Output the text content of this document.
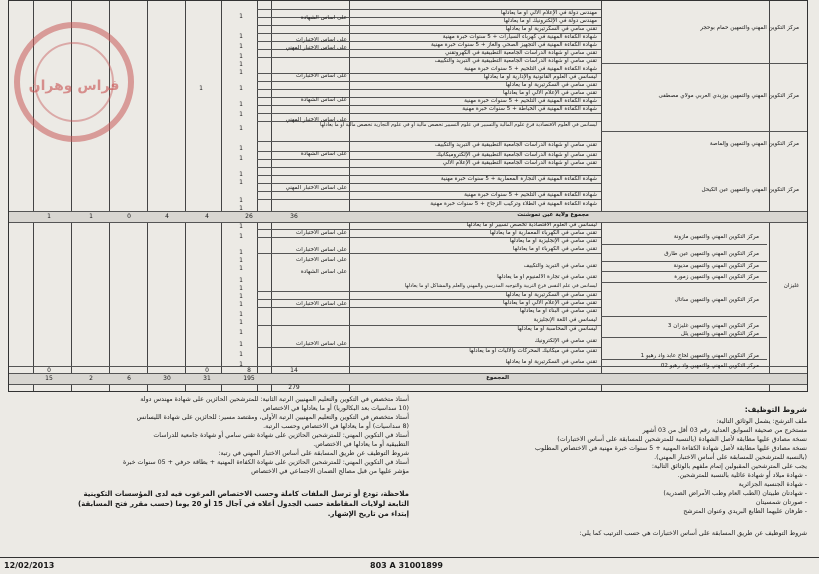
مركز التكوين المهني والتمهين حمام بوحجر
مركز التكوين المهني والتمهين بوزيدي العربي مولاي مصطفى
مركز التكوين المهني والتمهين وإلماصة
مركز التكوين المهني والتمهين عين الكيحل
مركز التكوين المهني والتمهين مازونة
مركز التكوين المهني والتمهين عين طارق
مركز التكوين المهني والتمهين مديونة
مركز التكوين المهني والتمهين زمورة
مركز التكوين المهني والتمهين ساتال
مركز التكوين المهني والتمهين غليزان 3
مركز التكوين المهني والتمهين يلل
مركز التكوين المهني والتمهين لحاج عابد واد رهيو 1
مركز التكوين المهني والتمهين واد رهيو 02
غليزان
مهندس دولة في الإعلام الآلي أو ما يعادلها
مهندس دولة في الإلكترونيك أو ما يعادلها
تقني سامي في السكرتيرية أو ما يعادلها
شهادة الكفاءة المهنية في كهرباء السيارات + 5 سنوات خبرة مهنية
شهادة الكفاءة المهنية في التجهيز الصحي والغاز + 5 سنوات خبرة مهنية
تقني سامي أو شهادة الدراسات الجامعية التطبيقية في الكهروتقني
تقني سامي أو شهادة الدراسات الجامعية التطبيقية في التبريد والتكييف
شهادة الكفاءة المهنية في التلحيم + 5 سنوات خبرة مهنية
ليسانس في العلوم القانونية والإدارية أو ما يعادلها
تقني سامي في السكرتيرية أو ما يعادلها
تقني سامي في الإعلام الآلي أو ما يعادلها
شهادة الكفاءة المهنية في التلحيم + 5 سنوات خبرة مهنية
شهادة الكفاءة المهنية في الخياطة + 5 سنوات خبرة مهنية
ليسانس في العلوم الاقتصادية فرع علوم المالية والتسيير في علوم التسيير تخصص مالية أو في علوم التجارية تخصص مالية أو ما يعادلها
تقني سامي أو شهادة الدراسات الجامعية التطبيقية في التبريد والتكييف
تقني سامي أو شهادة الدراسات الجامعية التطبيقية في الإلكتروميكانيك
تقني سامي أو شهادة الدراسات الجامعية التطبيقية في الإعلام الآلي
شهادة الكفاءة المهنية في النجارة المعمارية + 5 سنوات خبرة مهنية
شهادة الكفاءة المهنية في التلحيم + 5 سنوات خبرة مهنية
شهادة الكفاءة المهنية في الطلاء وتركيب الزجاج + 5 سنوات خبرة مهنية
ليسانس في العلوم الاقتصادية تخصص تسيير أو ما يعادلها
تقني سامي في الكهرباء المعمارية أو ما يعادلها
تقني سامي في الإنجليزية أو ما يعادلها
تقني سامي في الكهرباء أو ما يعادلها
تقني سامي في التبريد والتكييف
تقني سامي في تجارة الألمنيوم أو ما يعادلها
ليسانس في علم النفس فرع التربية والتوجيه المدرسي والمهني والعلم والمشاكل أو ما يعادلها
تقني سامي في السكرتيرية أو ما يعادلها
تقني سامي في الإعلام الآلي أو ما يعادلها
تقني سامي في البناء أو ما يعادلها
ليسانس في اللغة الإنجليزية
ليسانس في المحاسبة أو ما يعادلها
تقني سامي في الإلكترونيك
تقني سامي في ميكانيك المحركات والآليات أو ما يعادلها
تقني سامي في السكرتيرية أو ما يعادلها
على أساس الشهادة
على أساس الاختبارات
على أساس الاختبار المهني
على أساس الاختبارات
على أساس الشهادة
على أساس الاختبار المهني
على أساس الشهادة
على أساس الاختبار المهني
على أساس الاختبارات
على أساس الاختبارات
على أساس الاختبارات
على أساس الشهادة
على أساس الاختبارات
على أساس الاختبارات
مجموع ولاية عين تموشنت
36
26
4
4
0
1
1
14
8
0
0
المجموع
279
195
31
30
6
2
15
1
1
1
1
1
1
1
1
1
1
1
1
1
1
1
1
1
1
1
1
1
1
1
1
1
1
1
1
1
1
1
1
فراس وهران
أستاذ متخصص في التكوين والتعليم المهنيين الرتبة الثانية: للمترشحين الحائزين على شهادة مهندس دولة
(10 سداسيات بعد البكالوريا) أو ما يعادلها في الاختصاص
أستاذ متخصص في التكوين والتعليم المهنيين الرتبة الأولى، ومقتصد مسير: للحائزين على شهادة الليسانس
(8 سداسيات) أو ما يعادلها في الاختصاص وحسب الرتبة.
أستاذ في التكوين المهني: للمترشحين الحائزين على شهادة تقني سامي أو شهادة جامعية للدراسات
التطبيقية أو ما يعادلها في الاختصاص.
شروط التوظيف عن طريق المسابقة على أساس الاختبار المهني في رتبة:
أستاذ في التكوين المهني: للمترشحين الحائزين على شهادة الكفاءة المهنية + بطاقة حرفي + 05 سنوات خبرة
مؤشر عليها من قبل مصالح الضمان الاجتماعي في الاختصاص
ملاحظة، تودع أو ترسل الملفات كاملة وحسب الاختصاص المرغوب فيه لدى المؤسسات التكوينية
التابعة لولايات المقاطعة حسب الجدول أعلاه في آجال 15 أو 20 يوما (حسب مقرر فتح المسابقة)
إبتداء من تاريخ الإشهار.
شروط التوظيف:
ملف الترشح: يشمل الوثائق التالية:
مستخرج من صحيفة السوابق العدلية رقم 03 أقل من 03 أشهر
نسخة مصادق عليها مطابقة لأصل الشهادة (بالنسبة للمترشحين للمسابقة على أساس الاختبارات)
نسخة مصادق عليها مطابقة لأصل شهادة الكفاءة المهنية + 5 سنوات خبرة مهنية في الاختصاص المطلوب
(بالنسبة للمترشحين للمسابقة على أساس الاختبار المهني).
يجب على المترشحين المقبولين إتمام ملفهم بالوثائق التالية:
- شهادة ميلاد أو شهادة عائلية بالنسبة للمترشحين.
- شهادة الجنسية الجزائرية
- شهادتان طبيتان (الطب العام وطب الأمراض الصدرية)
- صورتان شمسيتان
- ظرفان عليهما الطابع البريدي وعنوان المترشح
شروط التوظيف عن طريق المسابقة على أساس الاختبارات هي حسب الترتيب كما يلي:
12/02/2013	803 A 31001899
